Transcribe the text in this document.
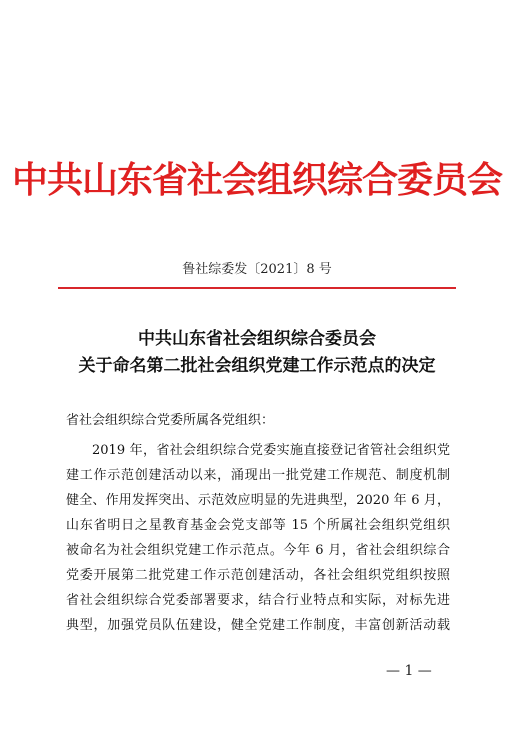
中共山东省社会组织综合委员会
鲁社综委发〔2021〕8 号
中共山东省社会组织综合委员会
关于命名第二批社会组织党建工作示范点的决定
省社会组织综合党委所属各党组织：
2019 年，省社会组织综合党委实施直接登记省管社会组织党
建工作示范创建活动以来，涌现出一批党建工作规范、制度机制
健全、作用发挥突出、示范效应明显的先进典型，2020 年 6 月，
山东省明日之星教育基金会党支部等 15 个所属社会组织党组织
被命名为社会组织党建工作示范点。今年 6 月，省社会组织综合
党委开展第二批党建工作示范创建活动，各社会组织党组织按照
省社会组织综合党委部署要求，结合行业特点和实际，对标先进
典型，加强党员队伍建设，健全党建工作制度，丰富创新活动载
— 1 —
